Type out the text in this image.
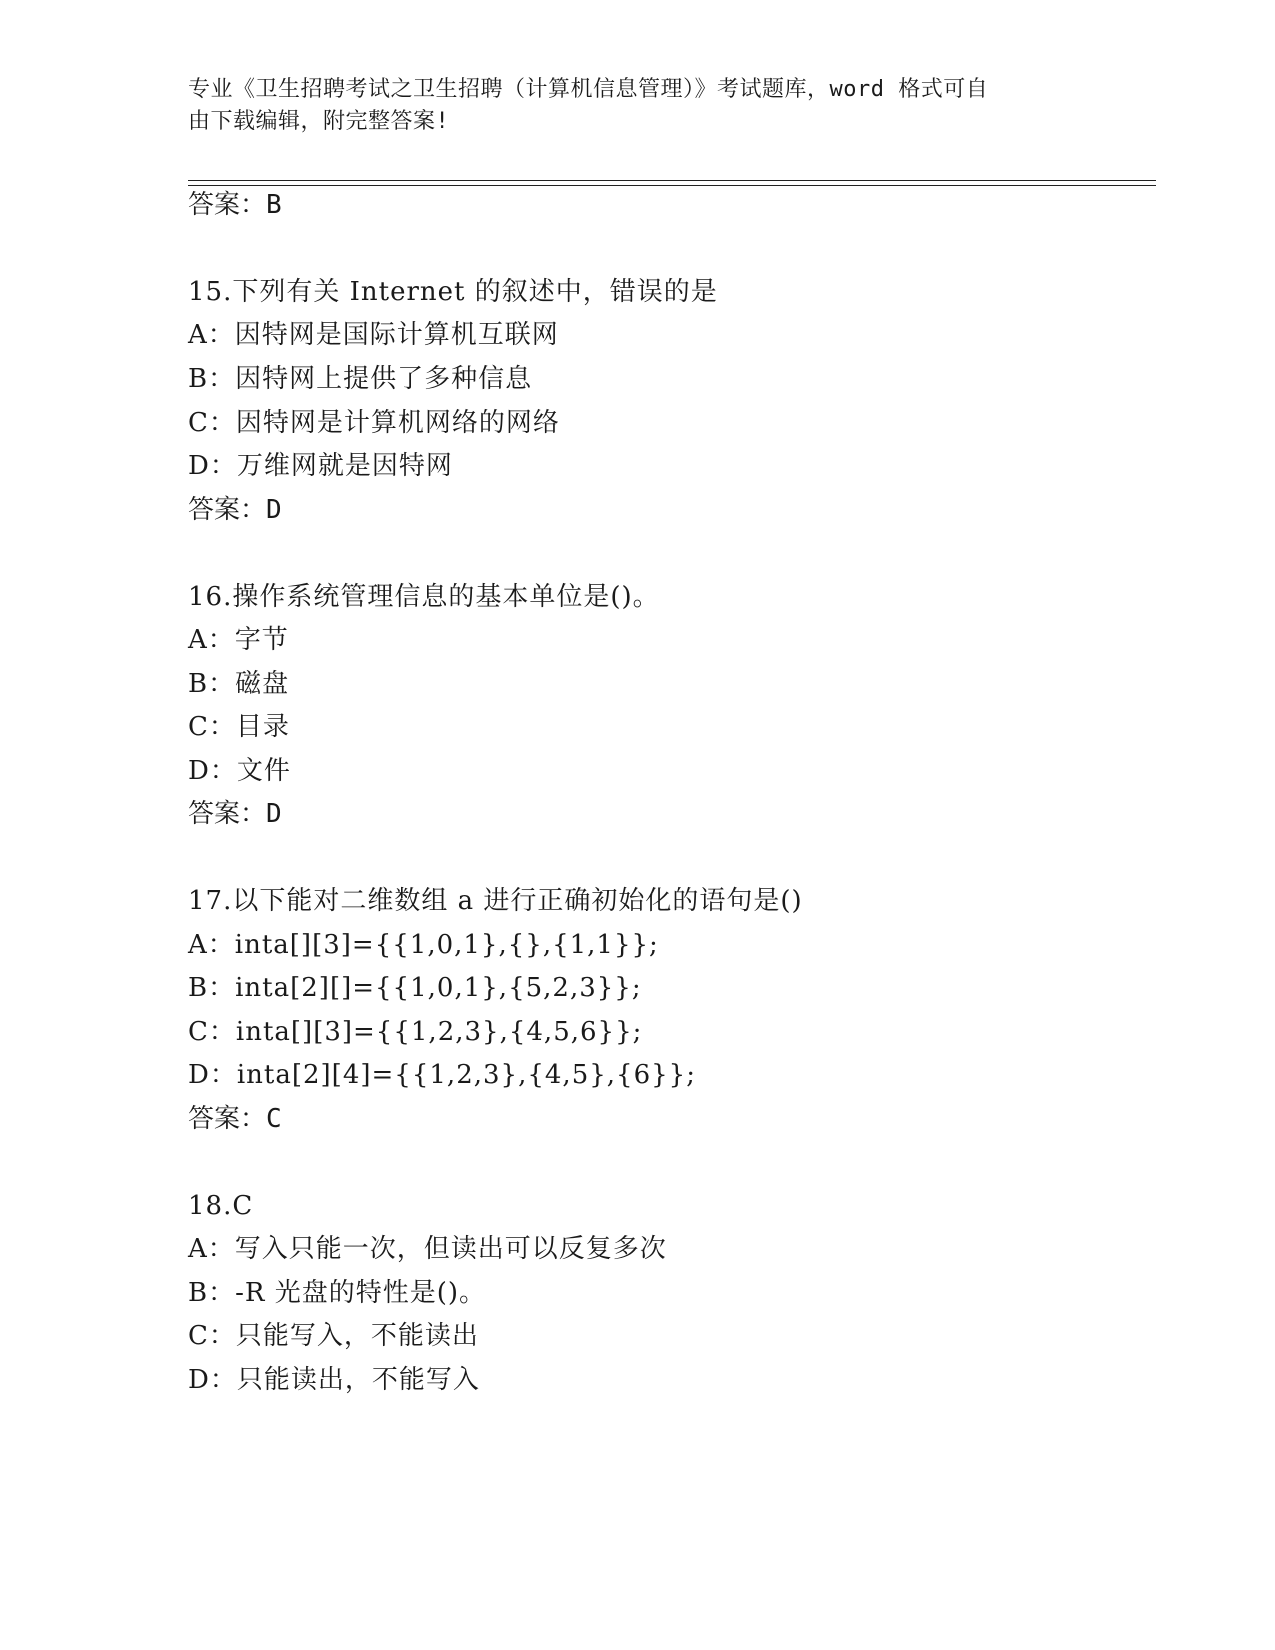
专业《卫生招聘考试之卫生招聘（计算机信息管理）》考试题库，word 格式可自
由下载编辑，附完整答案!
答案：B
15.下列有关 Internet 的叙述中，错误的是
A：因特网是国际计算机互联网
B：因特网上提供了多种信息
C：因特网是计算机网络的网络
D：万维网就是因特网
答案：D
16.操作系统管理信息的基本单位是()。
A：字节
B：磁盘
C：目录
D：文件
答案：D
17.以下能对二维数组 a 进行正确初始化的语句是()
A：inta[][3]={{1,0,1},{},{1,1}};
B：inta[2][]={{1,0,1},{5,2,3}};
C：inta[][3]={{1,2,3},{4,5,6}};
D：inta[2][4]={{1,2,3},{4,5},{6}};
答案：C
18.C
A：写入只能一次，但读出可以反复多次
B：-R 光盘的特性是()。
C：只能写入，不能读出
D：只能读出，不能写入
